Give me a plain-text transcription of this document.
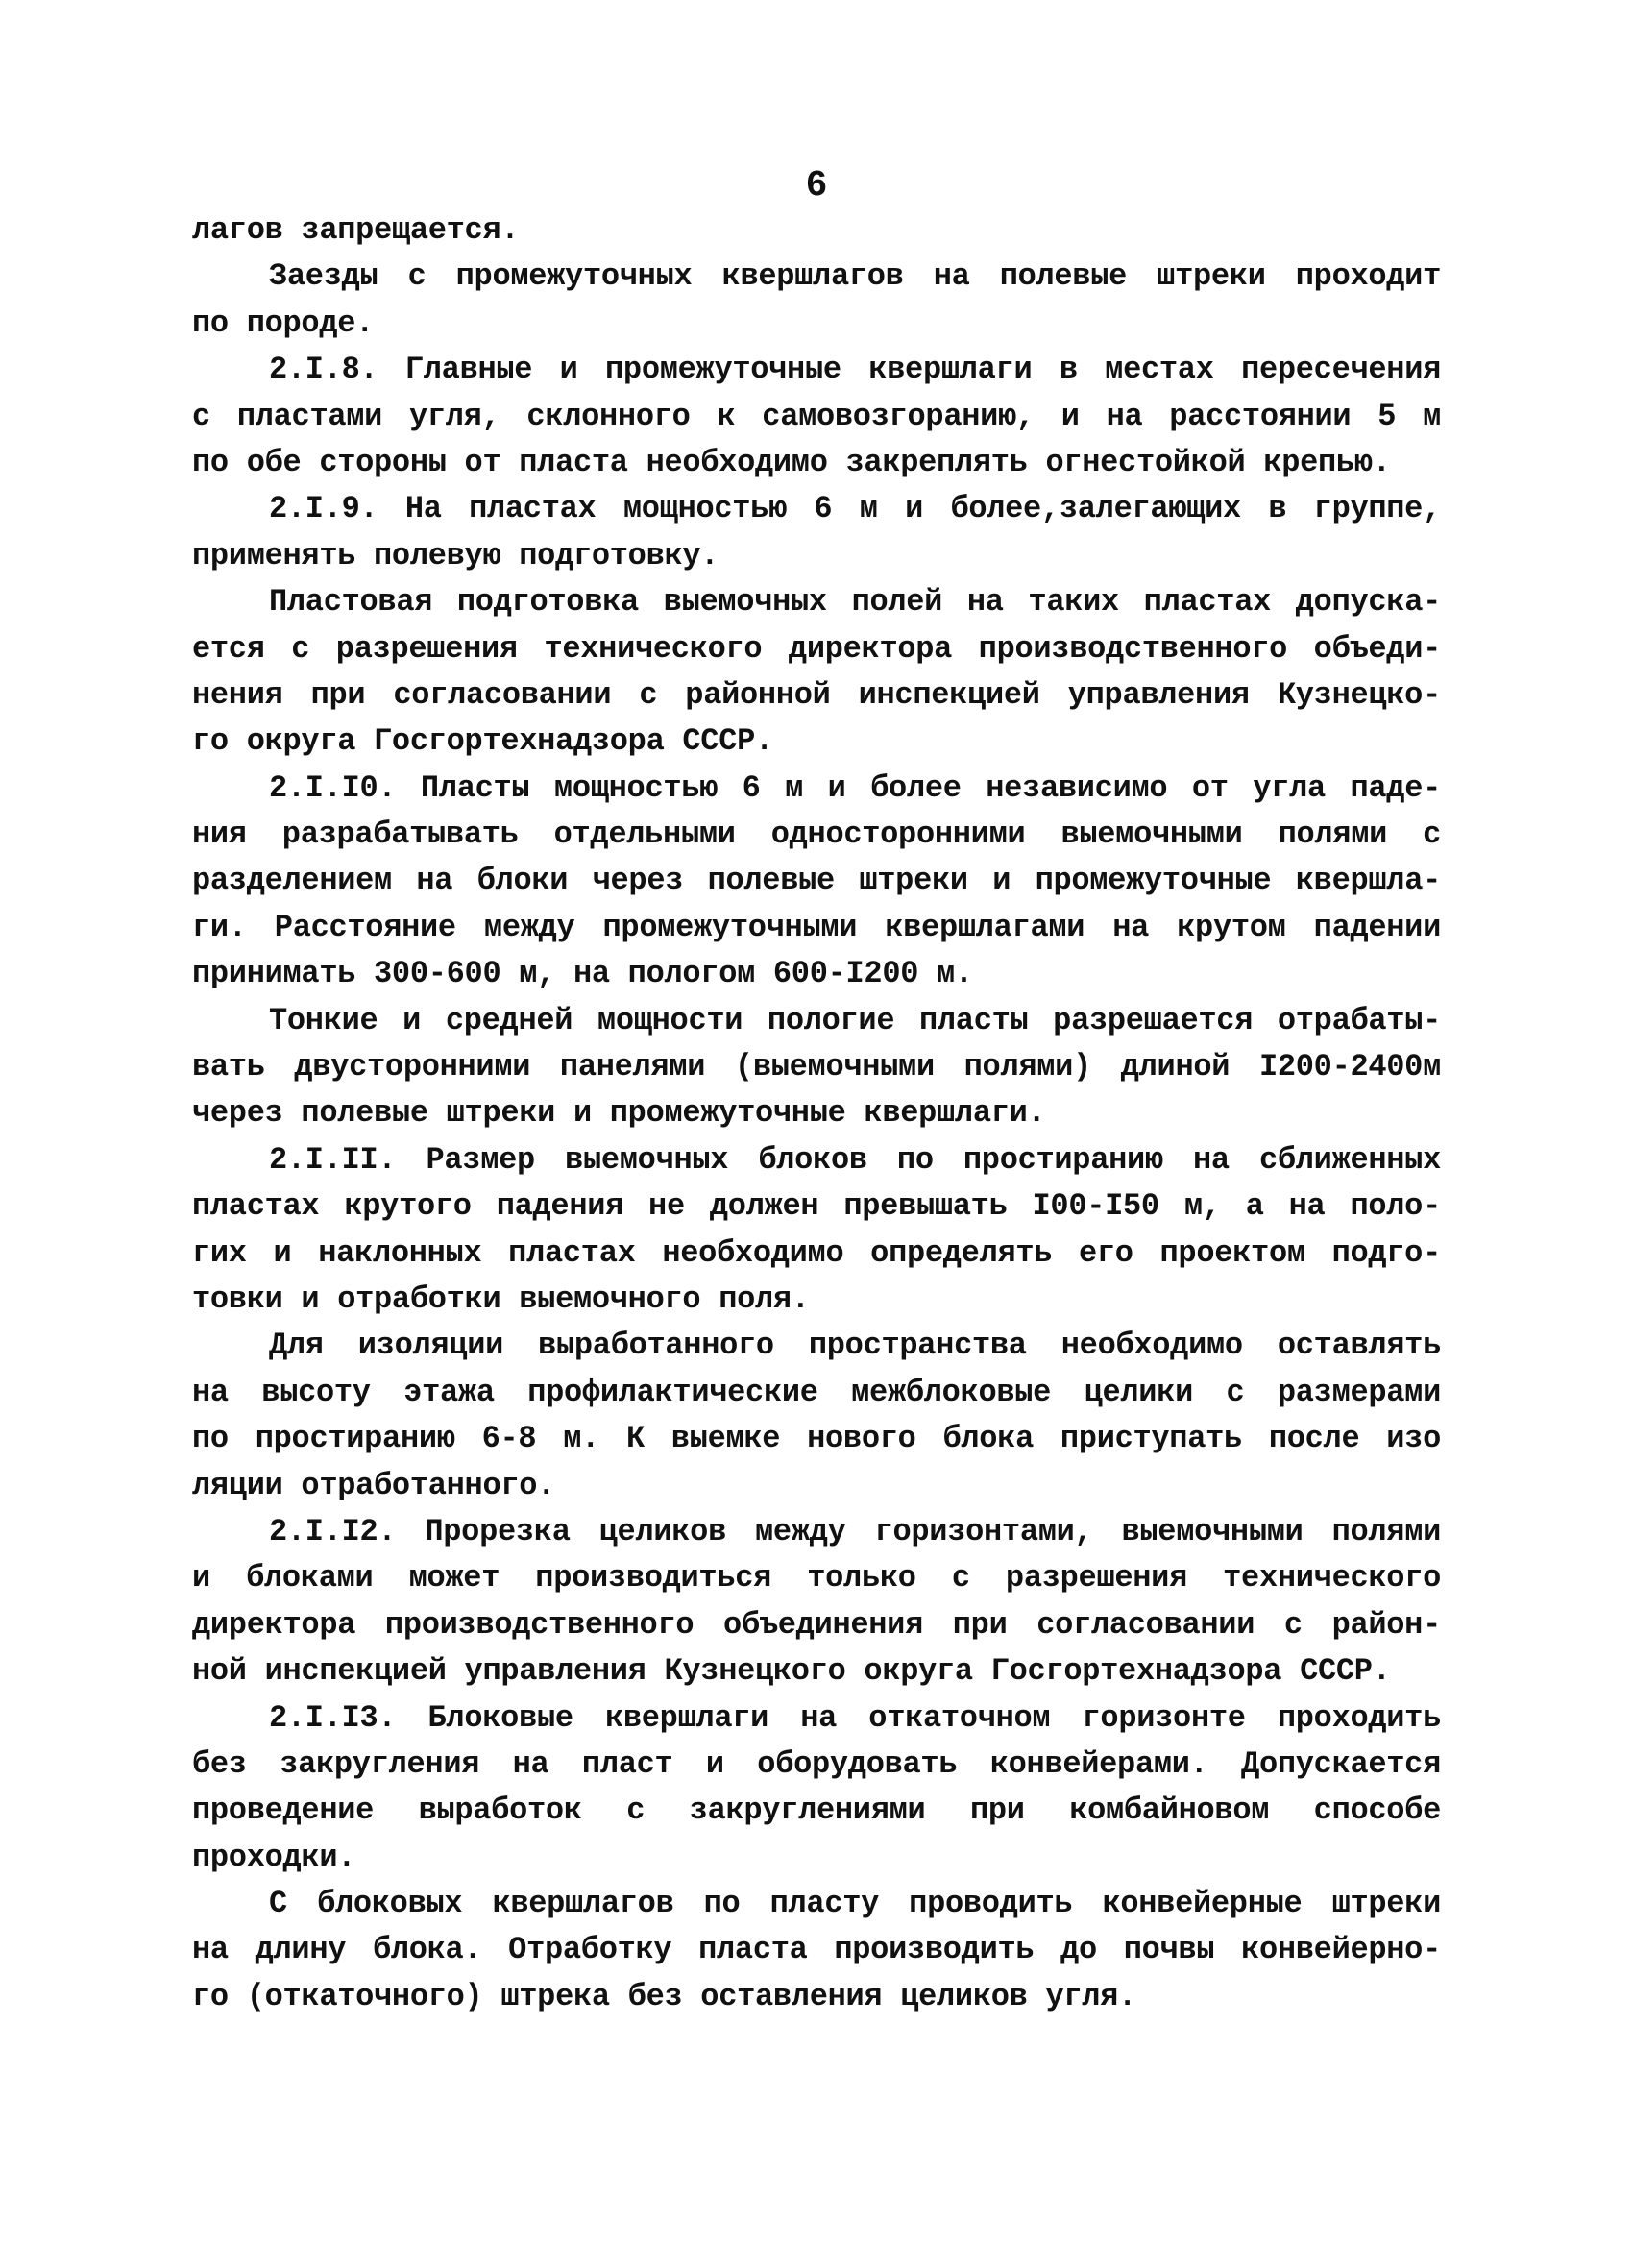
6
лагов запрещается.
Заезды с промежуточных квершлагов на полевые штреки проходит
по породе.
2.I.8. Главные и промежуточные квершлаги в местах пересечения
с пластами угля, склонного к самовозгоранию, и на расстоянии 5 м
по обе стороны от пласта необходимо закреплять огнестойкой крепью.
2.I.9. На пластах мощностью 6 м и более,залегающих в группе,
применять полевую подготовку.
Пластовая подготовка выемочных полей на таких пластах допуска-
ется с разрешения технического директора производственного объеди-
нения при согласовании с районной инспекцией управления Кузнецко-
го округа Госгортехнадзора СССР.
2.I.I0. Пласты мощностью 6 м и более независимо от угла паде-
ния разрабатывать отдельными односторонними выемочными полями с
разделением на блоки через полевые штреки и промежуточные квершла-
ги. Расстояние между промежуточными квершлагами на крутом падении
принимать 300-600 м, на пологом 600-I200 м.
Тонкие и средней мощности пологие пласты разрешается отрабаты-
вать двусторонними панелями (выемочными полями) длиной I200-2400м
через полевые штреки и промежуточные квершлаги.
2.I.II. Размер выемочных блоков по простиранию на сближенных
пластах крутого падения не должен превышать I00-I50 м, а на поло-
гих и наклонных пластах необходимо определять его проектом подго-
товки и отработки выемочного поля.
Для изоляции выработанного пространства необходимо оставлять
на высоту этажа профилактические межблоковые целики с размерами
по простиранию 6-8 м. К выемке нового блока приступать после изо
ляции отработанного.
2.I.I2. Прорезка целиков между горизонтами, выемочными полями
и блоками может производиться только с разрешения технического
директора производственного объединения при согласовании с район-
ной инспекцией управления Кузнецкого округа Госгортехнадзора СССР.
2.I.I3. Блоковые квершлаги на откаточном горизонте проходить
без закругления на пласт и оборудовать конвейерами. Допускается
проведение выработок с закруглениями при комбайновом способе
проходки.
С блоковых квершлагов по пласту проводить конвейерные штреки
на длину блока. Отработку пласта производить до почвы конвейерно-
го (откаточного) штрека без оставления целиков угля.
